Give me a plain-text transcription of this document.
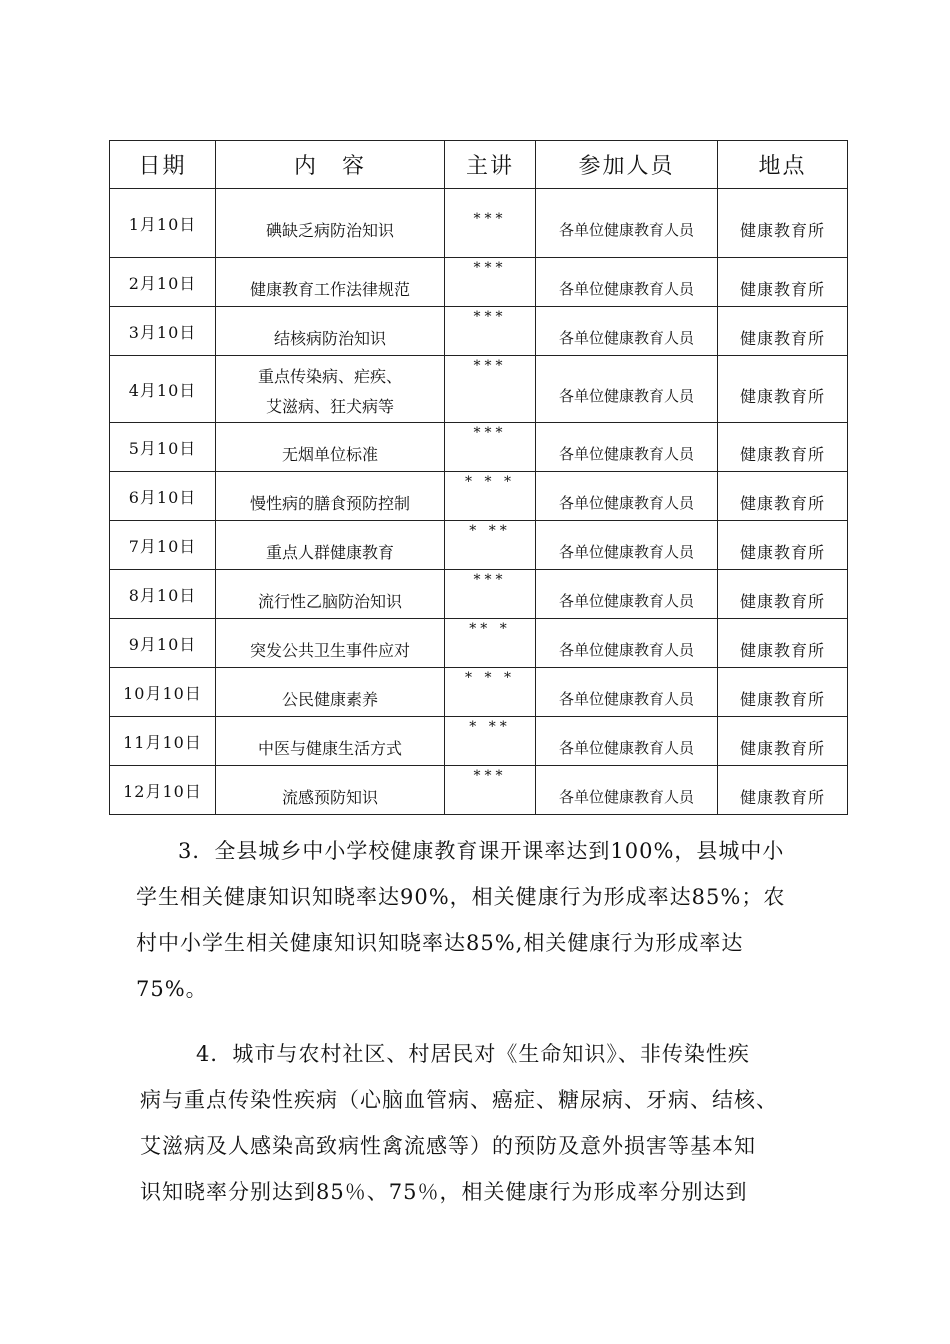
日期	内　容	主讲	参加人员	地点
1月10日	碘缺乏病防治知识	***	各单位健康教育人员	健康教育所

2月10日	健康教育工作法律规范	***	各单位健康教育人员	健康教育所

3月10日	结核病防治知识	***	各单位健康教育人员	健康教育所

4月10日	重点传染病、疟疾、
艾滋病、狂犬病等	***	各单位健康教育人员	健康教育所

5月10日	无烟单位标准	***	各单位健康教育人员	健康教育所

6月10日	慢性病的膳食预防控制	* * *	各单位健康教育人员	健康教育所

7月10日	重点人群健康教育	* **	各单位健康教育人员	健康教育所

8月10日	流行性乙脑防治知识	***	各单位健康教育人员	健康教育所

9月10日	突发公共卫生事件应对	** *	各单位健康教育人员	健康教育所

10月10日	公民健康素养	* * *	各单位健康教育人员	健康教育所

11月10日	中医与健康生活方式	* **	各单位健康教育人员	健康教育所

12月10日	流感预防知识	***	各单位健康教育人员	健康教育所

3．全县城乡中小学校健康教育课开课率达到100%，县城中小
学生相关健康知识知晓率达90%，相关健康行为形成率达85%；农
村中小学生相关健康知识知晓率达85%,相关健康行为形成率达
75%。

4．城市与农村社区、村居民对《生命知识》、非传染性疾
病与重点传染性疾病（心脑血管病、癌症、糖尿病、牙病、结核、
艾滋病及人感染高致病性禽流感等）的预防及意外损害等基本知
识知晓率分别达到85％、75％，相关健康行为形成率分别达到
